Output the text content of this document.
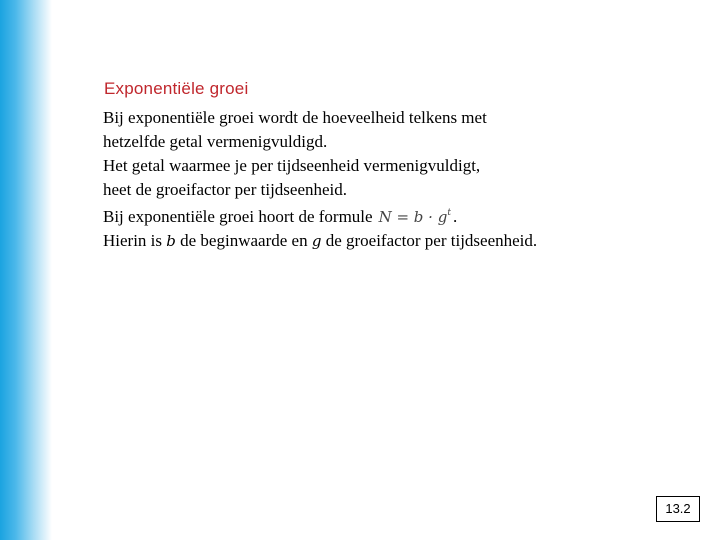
Exponentiële groei
Bij exponentiële groei wordt de hoeveelheid telkens met
hetzelfde getal vermenigvuldigd.
Het getal waarmee je per tijdseenheid vermenigvuldigt,
heet de groeifactor per tijdseenheid.
Bij exponentiële groei hoort de formule $N = b \cdot g^t$ .
Hierin is b de beginwaarde en g de groeifactor per tijdseenheid.
13.2
